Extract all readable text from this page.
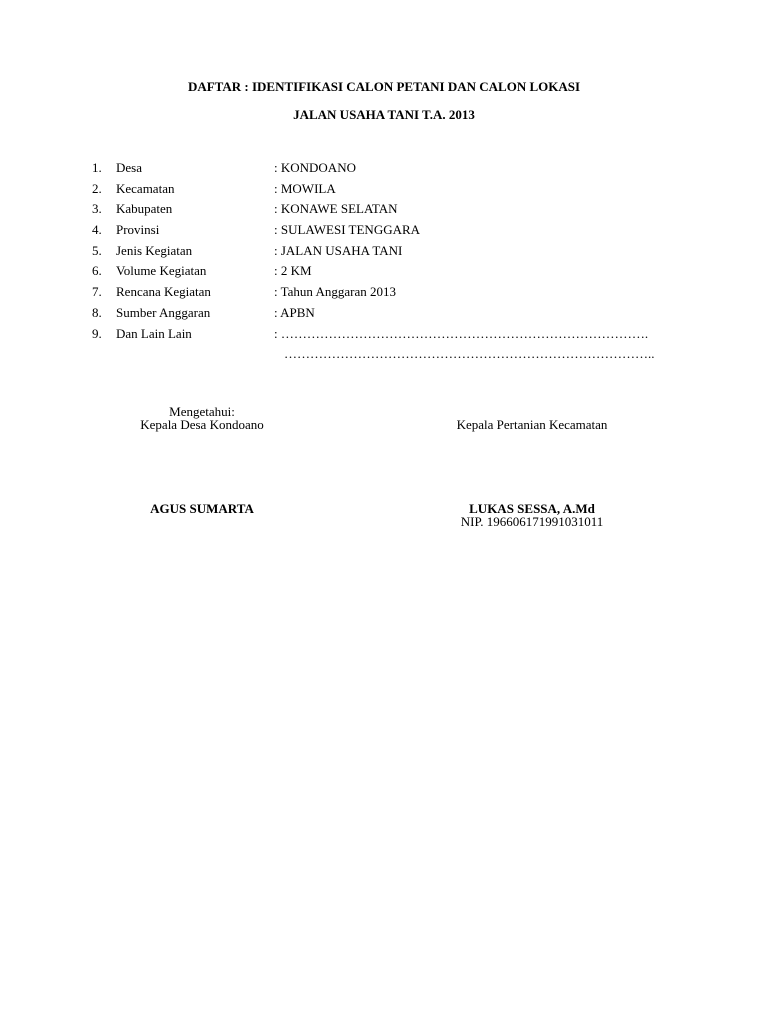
DAFTAR : IDENTIFIKASI CALON PETANI DAN CALON LOKASI
JALAN USAHA TANI T.A. 2013
1. Desa	: KONDOANO
2. Kecamatan	: MOWILA
3. Kabupaten	: KONAWE SELATAN
4. Provinsi	: SULAWESI TENGGARA
5. Jenis Kegiatan	: JALAN USAHA TANI
6. Volume Kegiatan	: 2 KM
7. Rencana Kegiatan	: Tahun Anggaran 2013
8. Sumber Anggaran	: APBN
9. Dan Lain Lain	: ………………………………………………………………………….
…………………………………………………………………………..
Mengetahui:
Kepala Desa Kondoano	Kepala Pertanian Kecamatan
AGUS SUMARTA	LUKAS SESSA, A.Md
NIP. 196606171991031011
